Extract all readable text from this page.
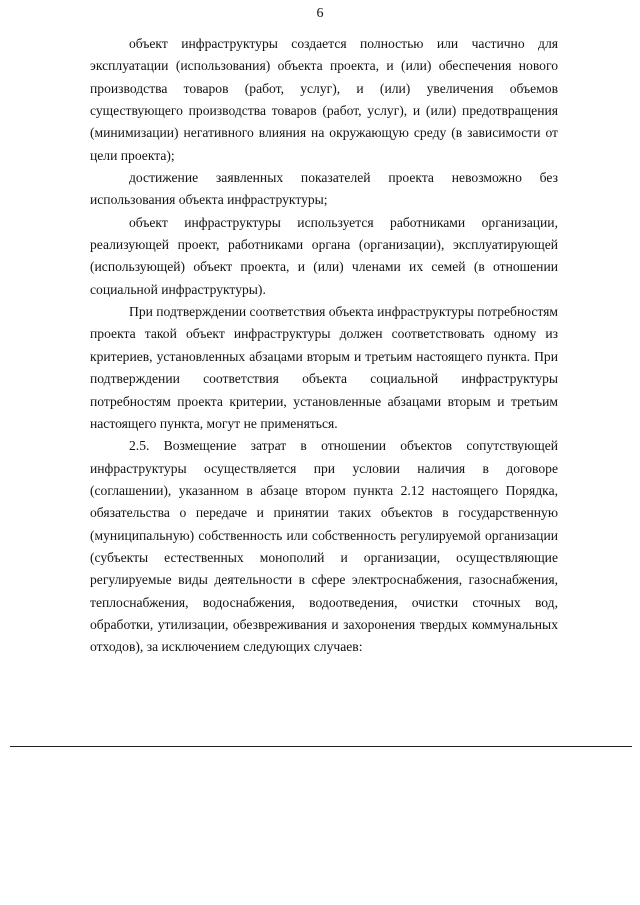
6

объект инфраструктуры создается полностью или частично для эксплуатации (использования) объекта проекта, и (или) обеспечения нового производства товаров (работ, услуг), и (или) увеличения объемов существующего производства товаров (работ, услуг), и (или) предотвращения (минимизации) негативного влияния на окружающую среду (в зависимости от цели проекта);

достижение заявленных показателей проекта невозможно без использования объекта инфраструктуры;

объект инфраструктуры используется работниками организации, реализующей проект, работниками органа (организации), эксплуатирующей (использующей) объект проекта, и (или) членами их семей (в отношении социальной инфраструктуры).

При подтверждении соответствия объекта инфраструктуры потребностям проекта такой объект инфраструктуры должен соответствовать одному из критериев, установленных абзацами вторым и третьим настоящего пункта. При подтверждении соответствия объекта социальной инфраструктуры потребностям проекта критерии, установленные абзацами вторым и третьим настоящего пункта, могут не применяться.

2.5. Возмещение затрат в отношении объектов сопутствующей инфраструктуры осуществляется при условии наличия в договоре (соглашении), указанном в абзаце втором пункта 2.12 настоящего Порядка, обязательства о передаче и принятии таких объектов в государственную (муниципальную) собственность или собственность регулируемой организации (субъекты естественных монополий и организации, осуществляющие регулируемые виды деятельности в сфере электроснабжения, газоснабжения, теплоснабжения, водоснабжения, водоотведения, очистки сточных вод, обработки, утилизации, обезвреживания и захоронения твердых коммунальных отходов), за исключением следующих случаев:
